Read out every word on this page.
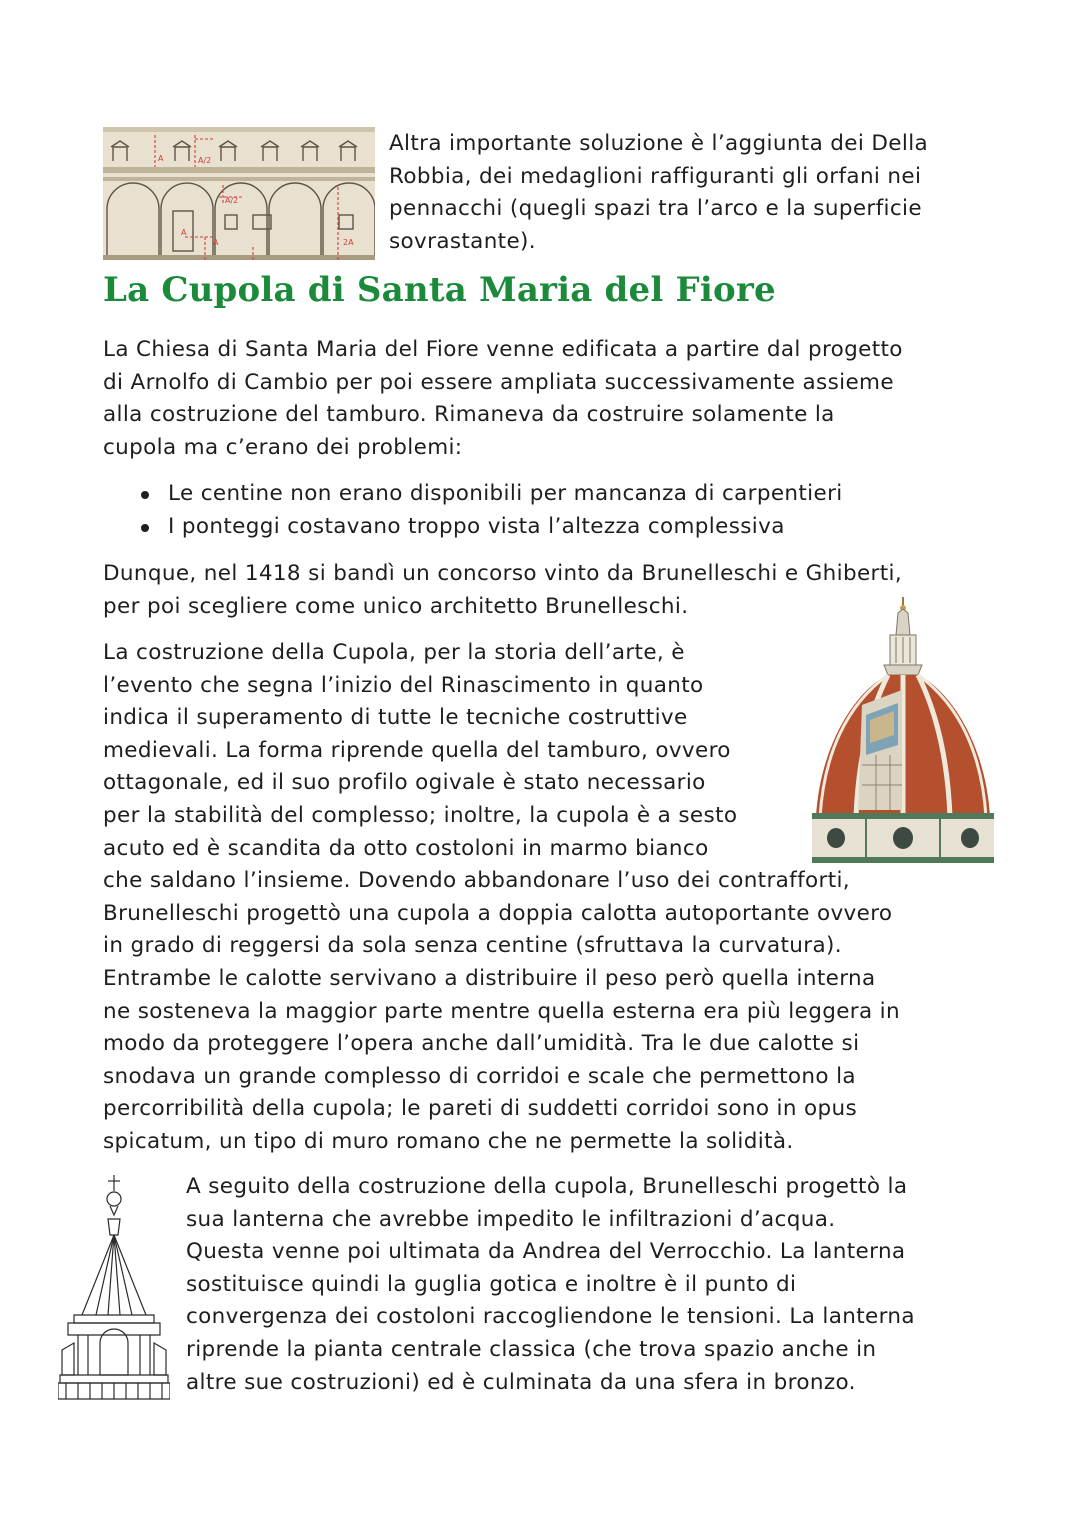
A	A/2
A/2
A
A	2A
Altra importante soluzione è l’aggiunta dei Della
Robbia, dei medaglioni raffiguranti gli orfani nei
pennacchi (quegli spazi tra l’arco e la superficie
sovrastante).
La Cupola di Santa Maria del Fiore
La Chiesa di Santa Maria del Fiore venne edificata a partire dal progetto
di Arnolfo di Cambio per poi essere ampliata successivamente assieme
alla costruzione del tamburo. Rimaneva da costruire solamente la
cupola ma c’erano dei problemi:
Le centine non erano disponibili per mancanza di carpentieri
I ponteggi costavano troppo vista l’altezza complessiva
Dunque, nel 1418 si bandì un concorso vinto da Brunelleschi e Ghiberti,
per poi scegliere come unico architetto Brunelleschi.
La costruzione della Cupola, per la storia dell’arte, è
l’evento che segna l’inizio del Rinascimento in quanto
indica il superamento di tutte le tecniche costruttive
medievali. La forma riprende quella del tamburo, ovvero
ottagonale, ed il suo profilo ogivale è stato necessario
per la stabilità del complesso; inoltre, la cupola è a sesto
acuto ed è scandita da otto costoloni in marmo bianco
che saldano l’insieme. Dovendo abbandonare l’uso dei contrafforti,
Brunelleschi progettò una cupola a doppia calotta autoportante ovvero
in grado di reggersi da sola senza centine (sfruttava la curvatura).
Entrambe le calotte servivano a distribuire il peso però quella interna
ne sosteneva la maggior parte mentre quella esterna era più leggera in
modo da proteggere l’opera anche dall’umidità. Tra le due calotte si
snodava un grande complesso di corridoi e scale che permettono la
percorribilità della cupola; le pareti di suddetti corridoi sono in opus
spicatum, un tipo di muro romano che ne permette la solidità.
A seguito della costruzione della cupola, Brunelleschi progettò la
sua lanterna che avrebbe impedito le infiltrazioni d’acqua.
Questa venne poi ultimata da Andrea del Verrocchio. La lanterna
sostituisce quindi la guglia gotica e inoltre è il punto di
convergenza dei costoloni raccogliendone le tensioni. La lanterna
riprende la pianta centrale classica (che trova spazio anche in
altre sue costruzioni) ed è culminata da una sfera in bronzo.
